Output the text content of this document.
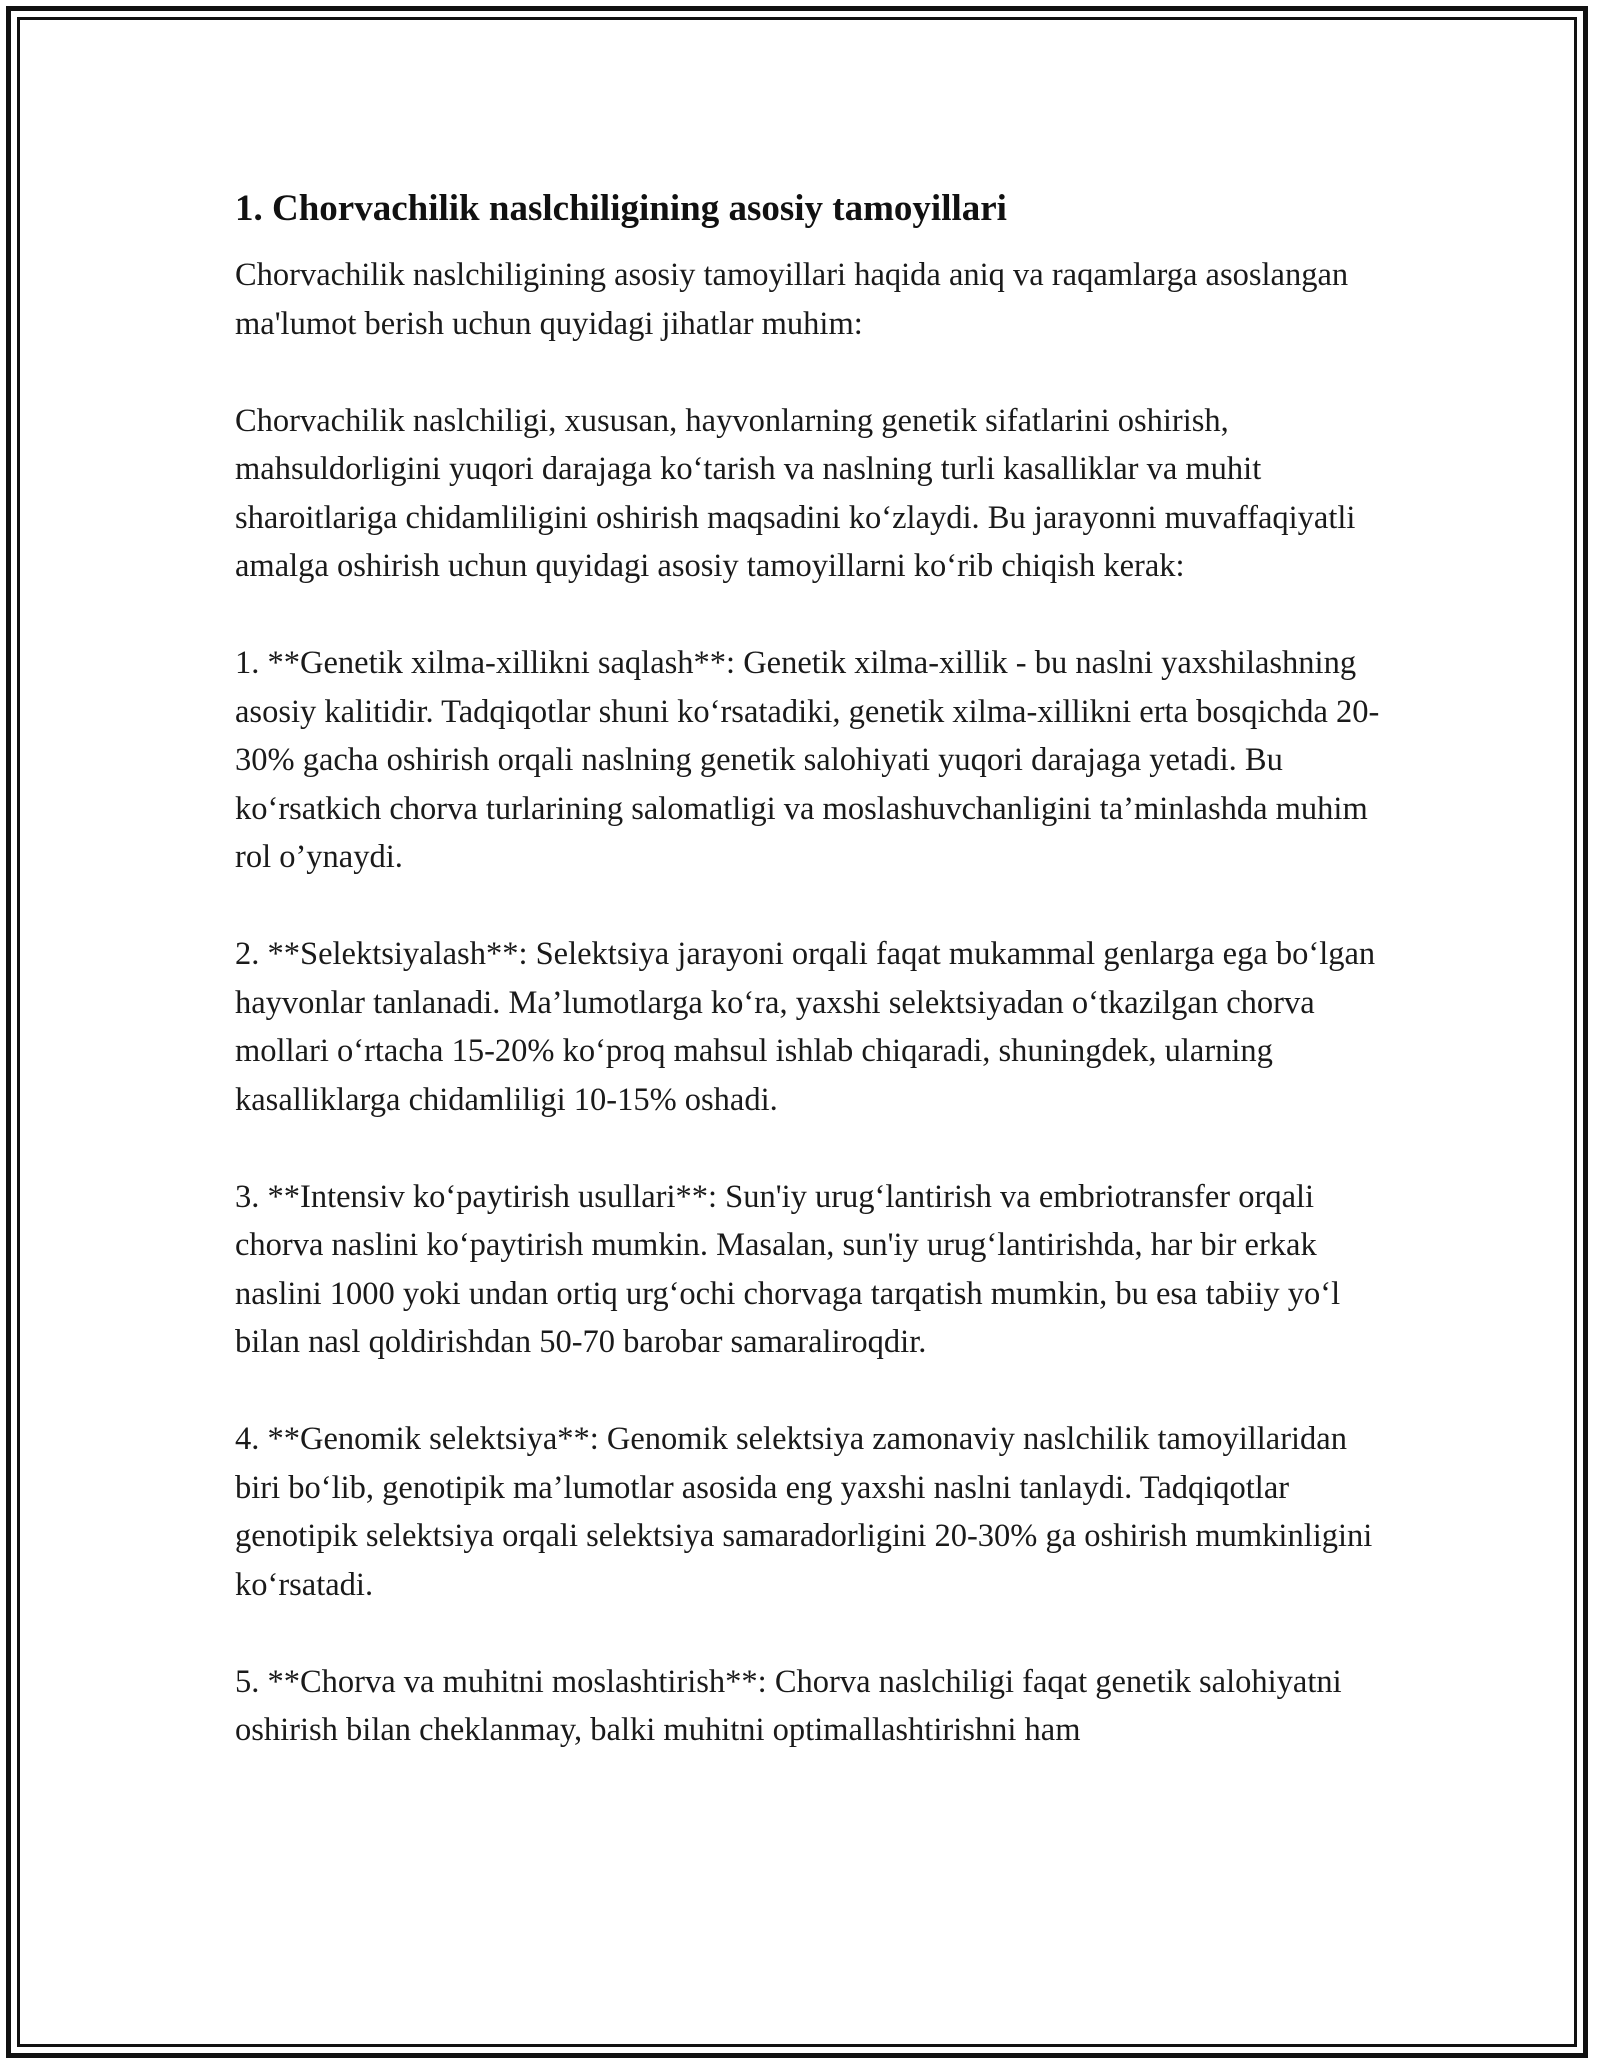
1. Chorvachilik naslchiligining asosiy tamoyillari

Chorvachilik naslchiligining asosiy tamoyillari haqida aniq va raqamlarga asoslangan ma'lumot berish uchun quyidagi jihatlar muhim:

Chorvachilik naslchiligi, xususan, hayvonlarning genetik sifatlarini oshirish, mahsuldorligini yuqori darajaga ko‘tarish va naslning turli kasalliklar va muhit sharoitlariga chidamliligini oshirish maqsadini ko‘zlaydi. Bu jarayonni muvaffaqiyatli amalga oshirish uchun quyidagi asosiy tamoyillarni ko‘rib chiqish kerak:

1. **Genetik xilma-xillikni saqlash**: Genetik xilma-xillik - bu naslni yaxshilashning asosiy kalitidir. Tadqiqotlar shuni ko‘rsatadiki, genetik xilma-xillikni erta bosqichda 20-30% gacha oshirish orqali naslning genetik salohiyati yuqori darajaga yetadi. Bu ko‘rsatkich chorva turlarining salomatligi va moslashuvchanligini ta’minlashda muhim rol o’ynaydi.

2. **Selektsiyalash**: Selektsiya jarayoni orqali faqat mukammal genlarga ega bo‘lgan hayvonlar tanlanadi. Ma’lumotlarga ko‘ra, yaxshi selektsiyadan o‘tkazilgan chorva mollari o‘rtacha 15-20% ko‘proq mahsul ishlab chiqaradi, shuningdek, ularning kasalliklarga chidamliligi 10-15% oshadi.

3. **Intensiv ko‘paytirish usullari**: Sun'iy urug‘lantirish va embriotransfer orqali chorva naslini ko‘paytirish mumkin. Masalan, sun'iy urug‘lantirishda, har bir erkak naslini 1000 yoki undan ortiq urg‘ochi chorvaga tarqatish mumkin, bu esa tabiiy yo‘l bilan nasl qoldirishdan 50-70 barobar samaraliroqdir.

4. **Genomik selektsiya**: Genomik selektsiya zamonaviy naslchilik tamoyillaridan biri bo‘lib, genotipik ma’lumotlar asosida eng yaxshi naslni tanlaydi. Tadqiqotlar genotipik selektsiya orqali selektsiya samaradorligini 20-30% ga oshirish mumkinligini ko‘rsatadi.

5. **Chorva va muhitni moslashtirish**: Chorva naslchiligi faqat genetik salohiyatni oshirish bilan cheklanmay, balki muhitni optimallashtirishni ham
